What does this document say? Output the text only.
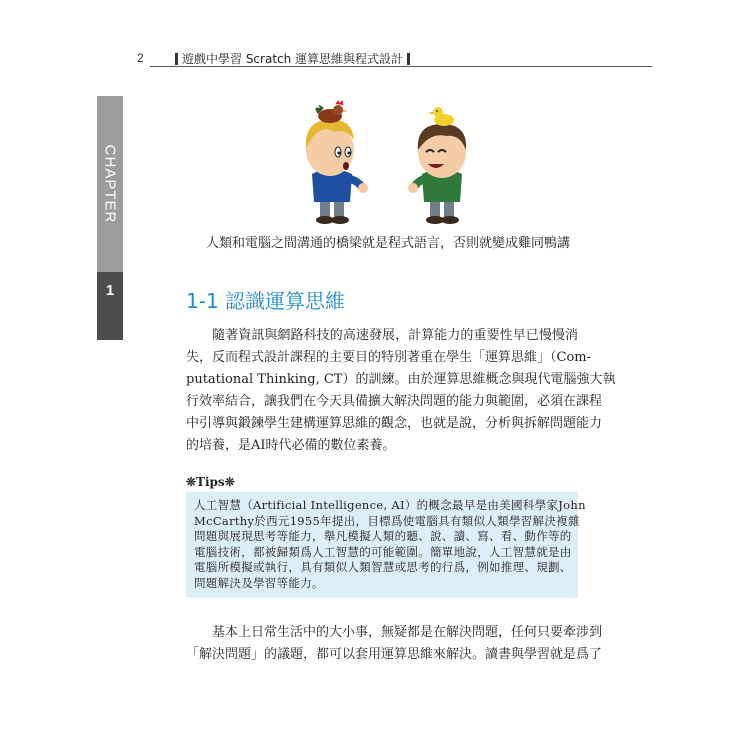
2	遊戲中學習 Scratch 運算思維與程式設計
CHAPTER
1
人類和電腦之間溝通的橋梁就是程式語言，否則就變成雞同鴨講
1-1 認識運算思維
　　隨著資訊與網路科技的高速發展，計算能力的重要性早已慢慢消
失，反而程式設計課程的主要目的特別著重在學生「運算思維」（Com-
putational Thinking, CT）的訓練。由於運算思維概念與現代電腦強大執
行效率結合，讓我們在今天具備擴大解決問題的能力與範圍，必須在課程
中引導與鍛鍊學生建構運算思維的觀念，也就是說，分析與拆解問題能力
的培養，是AI時代必備的數位素養。
❊Tips❊
人工智慧（Artificial Intelligence, AI）的概念最早是由美國科學家John
McCarthy於西元1955年提出，目標爲使電腦具有類似人類學習解決複雜
問題與展現思考等能力，舉凡模擬人類的聽、說、讀、寫、看、動作等的
電腦技術，都被歸類爲人工智慧的可能範圍。簡單地說，人工智慧就是由
電腦所模擬或執行，具有類似人類智慧或思考的行爲，例如推理、規劃、
問題解決及學習等能力。
　　基本上日常生活中的大小事，無疑都是在解決問題，任何只要牽涉到
「解決問題」的議題，都可以套用運算思維來解決。讀書與學習就是爲了
